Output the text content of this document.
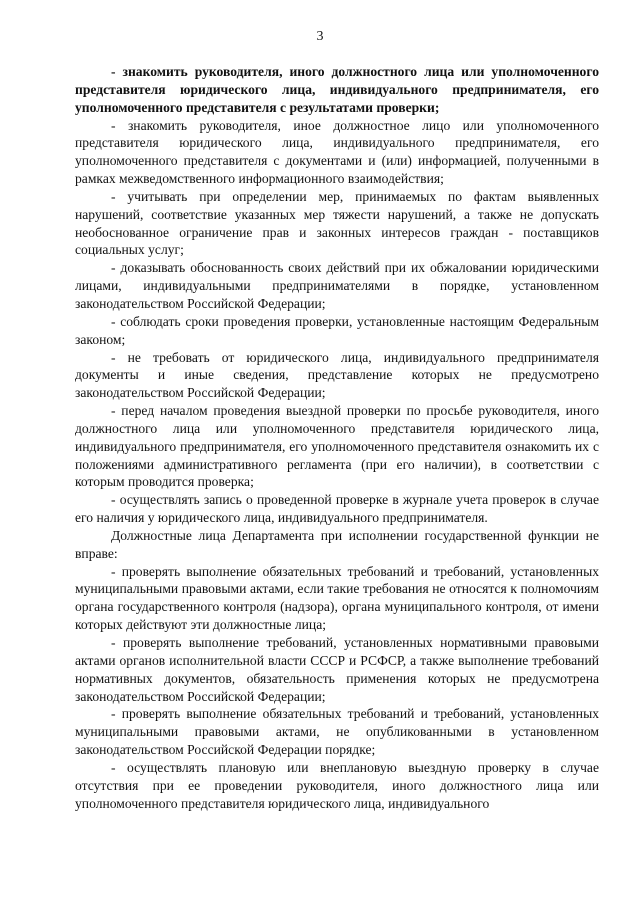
3

- знакомить руководителя, иного должностного лица или уполномоченного представителя юридического лица, индивидуального предпринимателя, его уполномоченного представителя с результатами проверки;

- знакомить руководителя, иное должностное лицо или уполномоченного представителя юридического лица, индивидуального предпринимателя, его уполномоченного представителя с документами и (или) информацией, полученными в рамках межведомственного информационного взаимодействия;

- учитывать при определении мер, принимаемых по фактам выявленных нарушений, соответствие указанных мер тяжести нарушений, а также не допускать необоснованное ограничение прав и законных интересов граждан - поставщиков социальных услуг;

- доказывать обоснованность своих действий при их обжаловании юридическими лицами, индивидуальными предпринимателями в порядке, установленном законодательством Российской Федерации;

- соблюдать сроки проведения проверки, установленные настоящим Федеральным законом;

- не требовать от юридического лица, индивидуального предпринимателя документы и иные сведения, представление которых не предусмотрено законодательством Российской Федерации;

- перед началом проведения выездной проверки по просьбе руководителя, иного должностного лица или уполномоченного представителя юридического лица, индивидуального предпринимателя, его уполномоченного представителя ознакомить их с положениями административного регламента (при его наличии), в соответствии с которым проводится проверка;

- осуществлять запись о проведенной проверке в журнале учета проверок в случае его наличия у юридического лица, индивидуального предпринимателя.

Должностные лица Департамента при исполнении государственной функции не вправе:

- проверять выполнение обязательных требований и требований, установленных муниципальными правовыми актами, если такие требования не относятся к полномочиям органа государственного контроля (надзора), органа муниципального контроля, от имени которых действуют эти должностные лица;

- проверять выполнение требований, установленных нормативными правовыми актами органов исполнительной власти СССР и РСФСР, а также выполнение требований нормативных документов, обязательность применения которых не предусмотрена законодательством Российской Федерации;

- проверять выполнение обязательных требований и требований, установленных муниципальными правовыми актами, не опубликованными в установленном законодательством Российской Федерации порядке;

- осуществлять плановую или внеплановую выездную проверку в случае отсутствия при ее проведении руководителя, иного должностного лица или уполномоченного представителя юридического лица, индивидуального
